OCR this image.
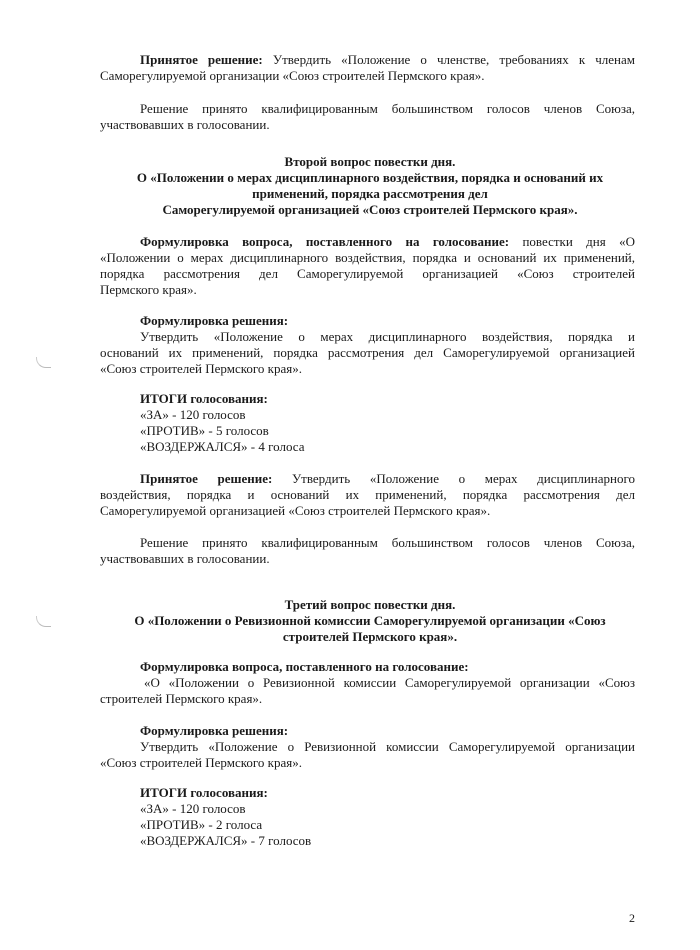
Принятое решение: Утвердить «Положение о членстве, требованиях к членам
Саморегулируемой организации «Союз строителей Пермского края».
Решение принято квалифицированным большинством голосов членов Союза,
участвовавших в голосовании.
Второй вопрос повестки дня.
О «Положении о мерах дисциплинарного воздействия, порядка и оснований их
применений, порядка рассмотрения дел
Саморегулируемой организацией «Союз строителей Пермского края».
Формулировка вопроса, поставленного на голосование: повестки дня «О
«Положении о мерах дисциплинарного воздействия, порядка и оснований их применений,
порядка рассмотрения дел Саморегулируемой организацией «Союз строителей
Пермского края».
Формулировка решения:
Утвердить «Положение о мерах дисциплинарного воздействия, порядка и
оснований их применений, порядка рассмотрения дел Саморегулируемой организацией
«Союз строителей Пермского края».
ИТОГИ голосования:
«ЗА» - 120 голосов
«ПРОТИВ» - 5 голосов
«ВОЗДЕРЖАЛСЯ» - 4 голоса
Принятое решение: Утвердить «Положение о мерах дисциплинарного
воздействия, порядка и оснований их применений, порядка рассмотрения дел
Саморегулируемой организацией «Союз строителей Пермского края».
Решение принято квалифицированным большинством голосов членов Союза,
участвовавших в голосовании.
Третий вопрос повестки дня.
О «Положении о Ревизионной комиссии Саморегулируемой организации «Союз
строителей Пермского края».
Формулировка вопроса, поставленного на голосование:
«О «Положении о Ревизионной комиссии Саморегулируемой организации «Союз
строителей Пермского края».
Формулировка решения:
Утвердить «Положение о Ревизионной комиссии Саморегулируемой организации
«Союз строителей Пермского края».
ИТОГИ голосования:
«ЗА» - 120 голосов
«ПРОТИВ» - 2 голоса
«ВОЗДЕРЖАЛСЯ» - 7 голосов
2
